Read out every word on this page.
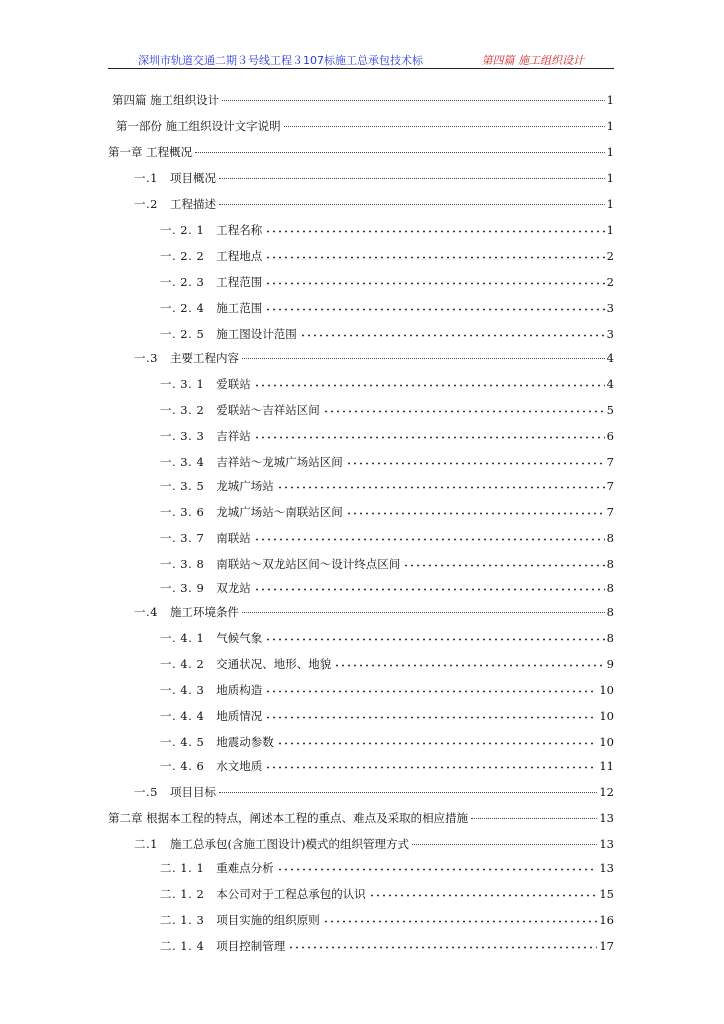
深圳市轨道交通二期３号线工程３107标施工总承包技术标	第四篇 施工组织设计
第四篇 施工组织设计	1
第一部份 施工组织设计文字说明	1
第一章 工程概况	1
一.1 项目概况	1
一.2 工程描述	1
一. 2. 1 工程名称	1
一. 2. 2 工程地点	2
一. 2. 3 工程范围	2
一. 2. 4 施工范围	3
一. 2. 5 施工图设计范围	3
一.3 主要工程内容	4
一. 3. 1 爱联站	4
一. 3. 2 爱联站～吉祥站区间	5
一. 3. 3 吉祥站	6
一. 3. 4 吉祥站～龙城广场站区间	7
一. 3. 5 龙城广场站	7
一. 3. 6 龙城广场站～南联站区间	7
一. 3. 7 南联站	8
一. 3. 8 南联站～双龙站区间～设计终点区间	8
一. 3. 9 双龙站	8
一.4 施工环境条件	8
一. 4. 1 气候气象	8
一. 4. 2 交通状况、地形、地貌	9
一. 4. 3 地质构造	10
一. 4. 4 地质情况	10
一. 4. 5 地震动参数	10
一. 4. 6 水文地质	11
一.5 项目目标	12
第二章 根据本工程的特点，阐述本工程的重点、难点及采取的相应措施	13
二.1 施工总承包(含施工图设计)模式的组织管理方式	13
二. 1. 1 重难点分析	13
二. 1. 2 本公司对于工程总承包的认识	15
二. 1. 3 项目实施的组织原则	16
二. 1. 4 项目控制管理	17
